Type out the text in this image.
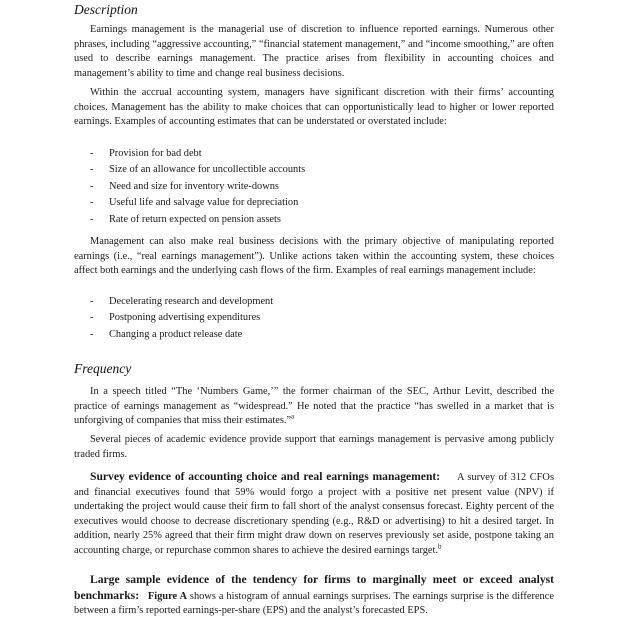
Description

Earnings management is the managerial use of discretion to influence reported earnings. Numerous other phrases, including “aggressive accounting,” “financial statement management,” and “income smoothing,” are often used to describe earnings management. The practice arises from flexibility in accounting choices and management’s ability to time and change real business decisions.

Within the accrual accounting system, managers have significant discretion with their firms’ accounting choices. Management has the ability to make choices that can opportunistically lead to higher or lower reported earnings. Examples of accounting estimates that can be understated or overstated include:

- Provision for bad debt
- Size of an allowance for uncollectible accounts
- Need and size for inventory write-downs
- Useful life and salvage value for depreciation
- Rate of return expected on pension assets

Management can also make real business decisions with the primary objective of manipulating reported earnings (i.e., “real earnings management”). Unlike actions taken within the accounting system, these choices affect both earnings and the underlying cash flows of the firm. Examples of real earnings management include:

- Decelerating research and development
- Postponing advertising expenditures
- Changing a product release date
Frequency

In a speech titled “The ‘Numbers Game,’” the former chairman of the SEC, Arthur Levitt, described the practice of earnings management as “widespread.” He noted that the practice “has swelled in a market that is unforgiving of companies that miss their estimates.”$^a$

Several pieces of academic evidence provide support that earnings management is pervasive among publicly traded firms.

Survey evidence of accounting choice and real earnings management: A survey of 312 CFOs and financial executives found that 59% would forgo a project with a positive net present value (NPV) if undertaking the project would cause their firm to fall short of the analyst consensus forecast. Eighty percent of the executives would choose to decrease discretionary spending (e.g., R&D or advertising) to hit a desired target. In addition, nearly 25% agreed that their firm might draw down on reserves previously set aside, postpone taking an accounting charge, or repurchase common shares to achieve the desired earnings target.$^b$

Large sample evidence of the tendency for firms to marginally meet or exceed analyst benchmarks: Figure A shows a histogram of annual earnings surprises. The earnings surprise is the difference between a firm’s reported earnings-per-share (EPS) and the analyst’s forecasted EPS.
